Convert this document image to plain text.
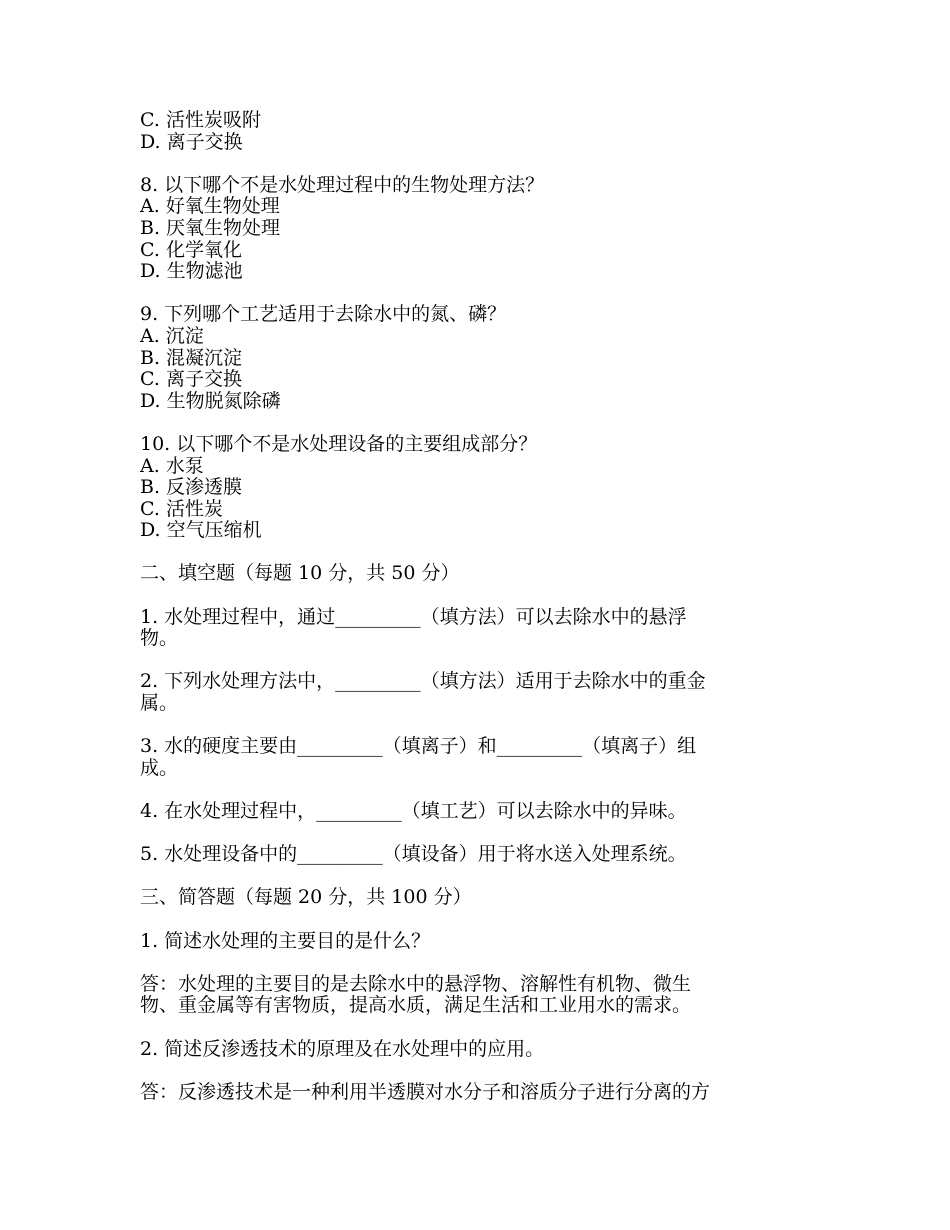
C. 活性炭吸附
D. 离子交换
8. 以下哪个不是水处理过程中的生物处理方法？
A. 好氧生物处理
B. 厌氧生物处理
C. 化学氧化
D. 生物滤池
9. 下列哪个工艺适用于去除水中的氮、磷？
A. 沉淀
B. 混凝沉淀
C. 离子交换
D. 生物脱氮除磷
10. 以下哪个不是水处理设备的主要组成部分？
A. 水泵
B. 反渗透膜
C. 活性炭
D. 空气压缩机
二、填空题（每题 10 分，共 50 分）
1. 水处理过程中，通过_________（填方法）可以去除水中的悬浮
物。
2. 下列水处理方法中，_________（填方法）适用于去除水中的重金
属。
3. 水的硬度主要由_________（填离子）和_________（填离子）组
成。
4. 在水处理过程中，_________（填工艺）可以去除水中的异味。
5. 水处理设备中的_________（填设备）用于将水送入处理系统。
三、简答题（每题 20 分，共 100 分）
1. 简述水处理的主要目的是什么？
答：水处理的主要目的是去除水中的悬浮物、溶解性有机物、微生
物、重金属等有害物质，提高水质，满足生活和工业用水的需求。
2. 简述反渗透技术的原理及在水处理中的应用。
答：反渗透技术是一种利用半透膜对水分子和溶质分子进行分离的方
